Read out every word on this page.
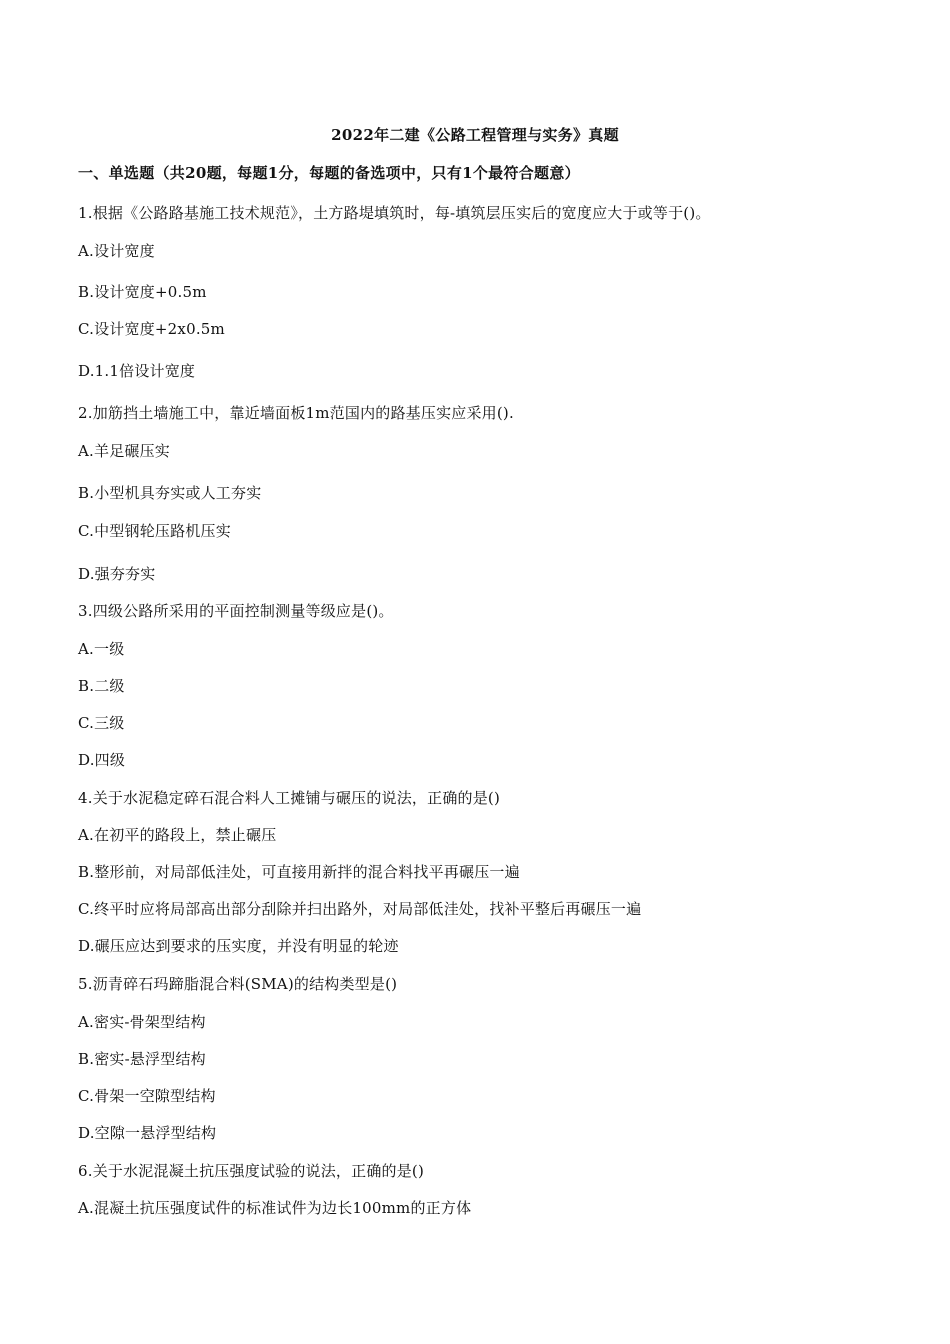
2022年二建《公路工程管理与实务》真题
一、单选题（共20题，每题1分，每题的备选项中，只有1个最符合题意）
1.根据《公路路基施工技术规范》，土方路堤填筑时，每-填筑层压实后的宽度应大于或等于()。
A.设计宽度
B.设计宽度+0.5m
C.设计宽度+2x0.5m
D.1.1倍设计宽度
2.加筋挡土墙施工中，靠近墙面板1m范国内的路基压实应采用().
A.羊足碾压实
B.小型机具夯实或人工夯实
C.中型钢轮压路机压实
D.强夯夯实
3.四级公路所采用的平面控制测量等级应是()。
A.一级
B.二级
C.三级
D.四级
4.关于水泥稳定碎石混合料人工摊铺与碾压的说法，正确的是()
A.在初平的路段上，禁止碾压
B.整形前，对局部低洼处，可直接用新拌的混合料找平再碾压一遍
C.终平时应将局部高出部分刮除并扫出路外，对局部低洼处，找补平整后再碾压一遍
D.碾压应达到要求的压实度，并没有明显的轮迹
5.沥青碎石玛蹄脂混合料(SMA)的结构类型是()
A.密实-骨架型结构
B.密实-悬浮型结构
C.骨架一空隙型结构
D.空隙一悬浮型结构
6.关于水泥混凝土抗压强度试验的说法，正确的是()
A.混凝土抗压强度试件的标准试件为边长100mm的正方体
